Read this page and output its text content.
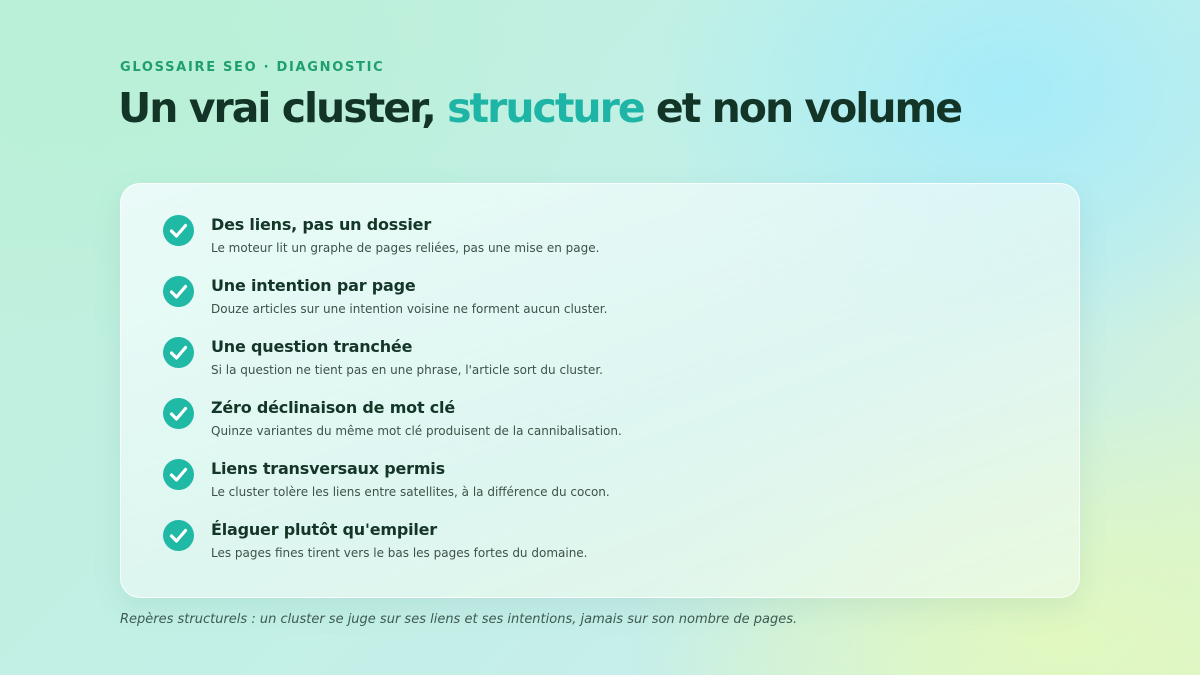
GLOSSAIRE SEO · DIAGNOSTIC
Un vrai cluster, structure et non volume
Des liens, pas un dossier
Le moteur lit un graphe de pages reliées, pas une mise en page.
Une intention par page
Douze articles sur une intention voisine ne forment aucun cluster.
Une question tranchée
Si la question ne tient pas en une phrase, l'article sort du cluster.
Zéro déclinaison de mot clé
Quinze variantes du même mot clé produisent de la cannibalisation.
Liens transversaux permis
Le cluster tolère les liens entre satellites, à la différence du cocon.
Élaguer plutôt qu'empiler
Les pages fines tirent vers le bas les pages fortes du domaine.
Repères structurels : un cluster se juge sur ses liens et ses intentions, jamais sur son nombre de pages.
